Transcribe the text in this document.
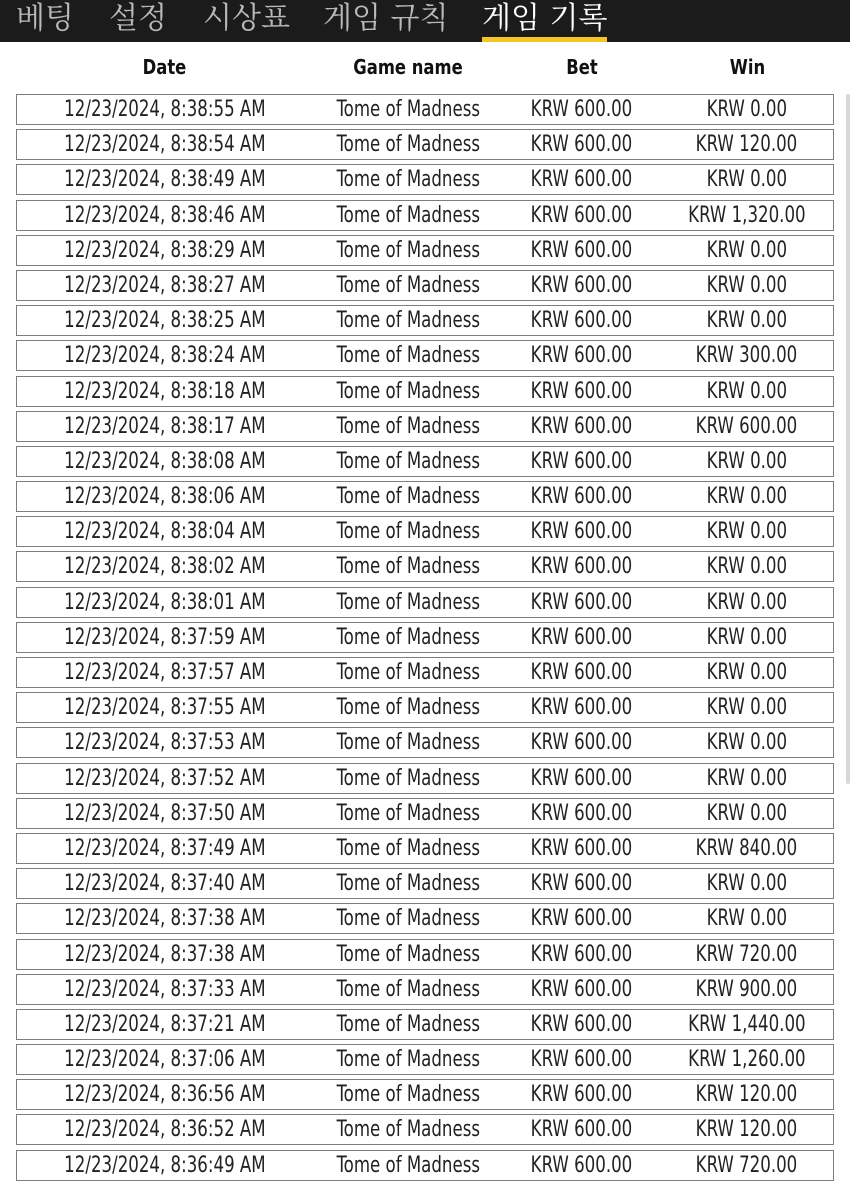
베팅 설정 시상표 게임 규칙 게임 기록
Date	Game name	Bet	Win
12/23/2024, 8:38:55 AM	Tome of Madness	KRW 600.00	KRW 0.00
12/23/2024, 8:38:54 AM	Tome of Madness	KRW 600.00	KRW 120.00
12/23/2024, 8:38:49 AM	Tome of Madness	KRW 600.00	KRW 0.00
12/23/2024, 8:38:46 AM	Tome of Madness	KRW 600.00	KRW 1,320.00
12/23/2024, 8:38:29 AM	Tome of Madness	KRW 600.00	KRW 0.00
12/23/2024, 8:38:27 AM	Tome of Madness	KRW 600.00	KRW 0.00
12/23/2024, 8:38:25 AM	Tome of Madness	KRW 600.00	KRW 0.00
12/23/2024, 8:38:24 AM	Tome of Madness	KRW 600.00	KRW 300.00
12/23/2024, 8:38:18 AM	Tome of Madness	KRW 600.00	KRW 0.00
12/23/2024, 8:38:17 AM	Tome of Madness	KRW 600.00	KRW 600.00
12/23/2024, 8:38:08 AM	Tome of Madness	KRW 600.00	KRW 0.00
12/23/2024, 8:38:06 AM	Tome of Madness	KRW 600.00	KRW 0.00
12/23/2024, 8:38:04 AM	Tome of Madness	KRW 600.00	KRW 0.00
12/23/2024, 8:38:02 AM	Tome of Madness	KRW 600.00	KRW 0.00
12/23/2024, 8:38:01 AM	Tome of Madness	KRW 600.00	KRW 0.00
12/23/2024, 8:37:59 AM	Tome of Madness	KRW 600.00	KRW 0.00
12/23/2024, 8:37:57 AM	Tome of Madness	KRW 600.00	KRW 0.00
12/23/2024, 8:37:55 AM	Tome of Madness	KRW 600.00	KRW 0.00
12/23/2024, 8:37:53 AM	Tome of Madness	KRW 600.00	KRW 0.00
12/23/2024, 8:37:52 AM	Tome of Madness	KRW 600.00	KRW 0.00
12/23/2024, 8:37:50 AM	Tome of Madness	KRW 600.00	KRW 0.00
12/23/2024, 8:37:49 AM	Tome of Madness	KRW 600.00	KRW 840.00
12/23/2024, 8:37:40 AM	Tome of Madness	KRW 600.00	KRW 0.00
12/23/2024, 8:37:38 AM	Tome of Madness	KRW 600.00	KRW 0.00
12/23/2024, 8:37:38 AM	Tome of Madness	KRW 600.00	KRW 720.00
12/23/2024, 8:37:33 AM	Tome of Madness	KRW 600.00	KRW 900.00
12/23/2024, 8:37:21 AM	Tome of Madness	KRW 600.00	KRW 1,440.00
12/23/2024, 8:37:06 AM	Tome of Madness	KRW 600.00	KRW 1,260.00
12/23/2024, 8:36:56 AM	Tome of Madness	KRW 600.00	KRW 120.00
12/23/2024, 8:36:52 AM	Tome of Madness	KRW 600.00	KRW 120.00
12/23/2024, 8:36:49 AM	Tome of Madness	KRW 600.00	KRW 720.00
